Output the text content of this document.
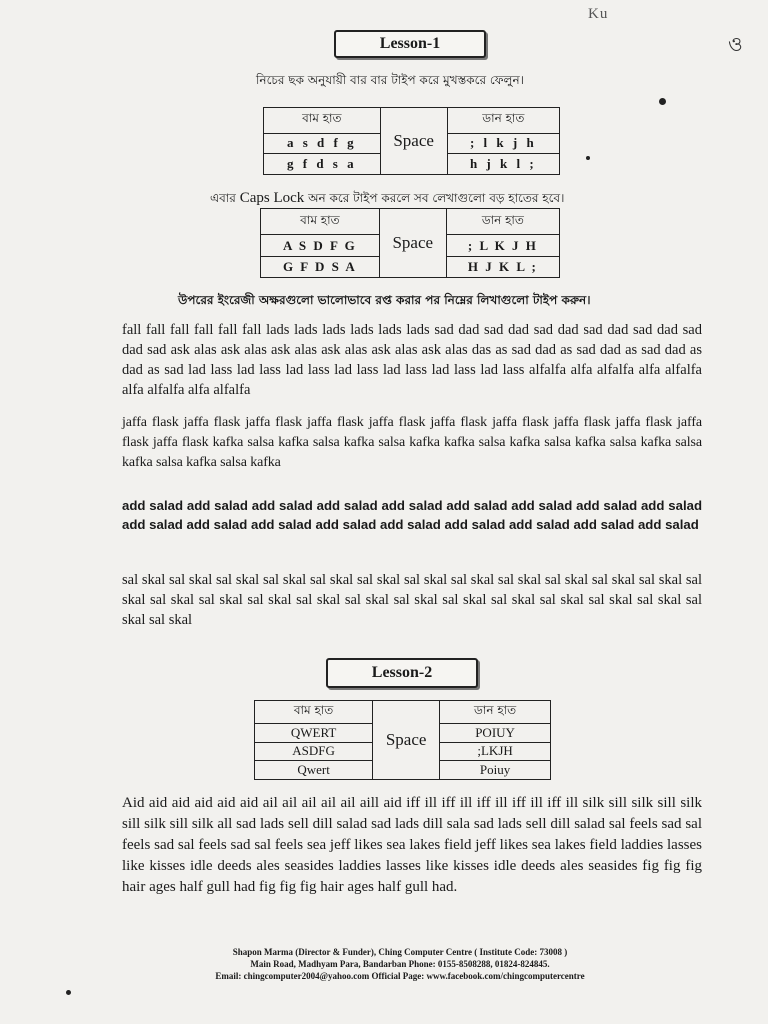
Ku
ও
Lesson-1
নিচের ছক অনুযায়ী বার বার টাইপ করে মুখস্তকরে ফেলুন।
বাম হাত	Space	ডান হাত
a s d f g		; l k j h
g f d s a		h j k l ;
এবার Caps Lock অন করে টাইপ করলে সব লেখাগুলো বড় হাতের হবে।
বাম হাত	Space	ডান হাত
A S D F G		; L K J H
G F D S A		H J K L ;
উপরের ইংরেজী অক্ষরগুলো ভালোভাবে রপ্ত করার পর নিম্নের লিখাগুলো টাইপ করুন।
fall fall fall fall fall fall lads lads lads lads lads lads sad dad sad dad sad dad sad dad sad dad sad dad sad ask alas ask alas ask alas ask alas ask alas ask alas das as sad dad as sad dad as sad dad as dad as sad lad lass lad lass lad lass lad lass lad lass lad lass lad lass alfalfa alfa alfalfa alfa alfalfa alfa alfalfa alfa alfalfa
jaffa flask jaffa flask jaffa flask jaffa flask jaffa flask jaffa flask jaffa flask jaffa flask jaffa flask jaffa flask jaffa flask kafka salsa kafka salsa kafka salsa kafka kafka salsa kafka salsa kafka salsa kafka salsa kafka salsa kafka salsa kafka
add salad add salad add salad add salad add salad add salad add salad add salad add salad add salad add salad add salad add salad add salad add salad add salad add salad add salad
sal skal sal skal sal skal sal skal sal skal sal skal sal skal sal skal sal skal sal skal sal skal sal skal sal skal sal skal sal skal sal skal sal skal sal skal sal skal sal skal sal skal sal skal sal skal sal skal sal skal sal skal
Lesson-2
বাম হাত	Space	ডান হাত
QWERT		POIUY
ASDFG		;LKJH
Qwert		Poiuy
Aid aid aid aid aid aid ail ail ail ail ail aill aid iff ill iff ill iff ill iff ill iff ill silk sill silk sill silk sill silk sill silk all sad lads sell dill salad sad lads dill sala sad lads sell dill salad sal feels sad sal feels sad sal feels sad sal feels sea jeff likes sea lakes field jeff likes sea lakes field laddies lasses like kisses idle deeds ales seasides laddies lasses like kisses idle deeds ales seasides fig fig fig hair ages half gull had fig fig fig hair ages half gull had.
Shapon Marma (Director & Funder), Ching Computer Centre ( Institute Code: 73008 )
Main Road, Madhyam Para, Bandarban Phone: 0155-8508288, 01824-824845.
Email: chingcomputer2004@yahoo.com Official Page: www.facebook.com/chingcomputercentre
